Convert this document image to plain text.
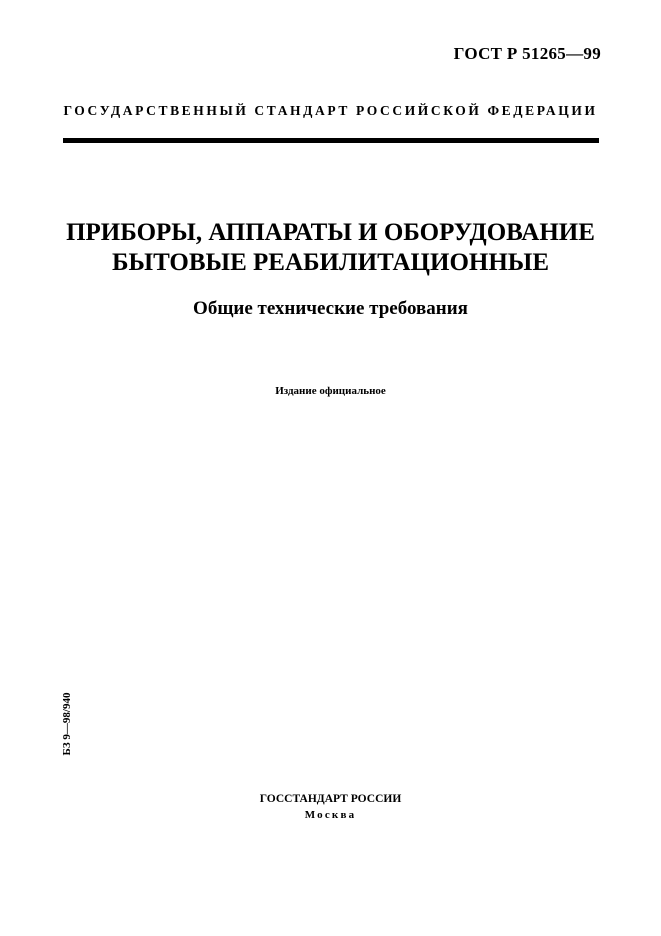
ГОСТ Р 51265—99
ГОСУДАРСТВЕННЫЙ СТАНДАРТ РОССИЙСКОЙ ФЕДЕРАЦИИ
ПРИБОРЫ, АППАРАТЫ И ОБОРУДОВАНИЕ
БЫТОВЫЕ РЕАБИЛИТАЦИОННЫЕ
Общие технические требования
Издание официальное
БЗ 9—98/940
ГОССТАНДАРТ РОССИИ
Москва
